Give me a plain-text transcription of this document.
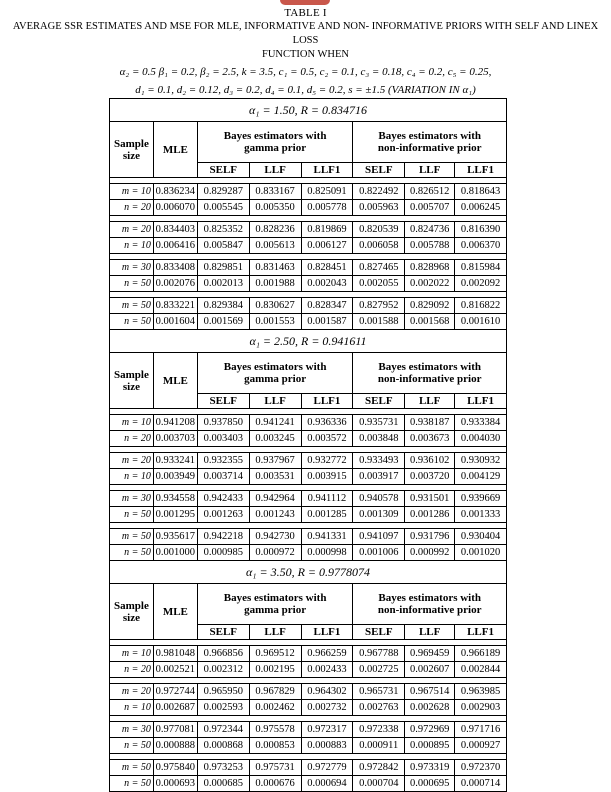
TABLE I
AVERAGE SSR ESTIMATES AND MSE FOR MLE, INFORMATIVE AND NON- INFORMATIVE PRIORS WITH SELF AND LINEX LOSS
FUNCTION WHEN
α₂ = 0.5 β₁ = 0.2, β₂ = 2.5, k = 3.5, c₁ = 0.5, c₂ = 0.1, c₃ = 0.18, c₄ = 0.2, c₅ = 0.25,
d₁ = 0.1, d₂ = 0.12, d₃ = 0.2, d₄ = 0.1, d₅ = 0.2, s = ±1.5 (VARIATION IN α₁)
α₁ = 1.50, R = 0.834716							
Sample size	MLE	Bayes estimators with gamma prior			Bayes estimators with non-informative prior		
		SELF	LLF	LLF1	SELF	LLF	LLF1

m = 10	0.836234	0.829287	0.833167	0.825091	0.822492	0.826512	0.818643
n = 20	0.006070	0.005545	0.005350	0.005778	0.005963	0.005707	0.006245

m = 20	0.834403	0.825352	0.828236	0.819869	0.820539	0.824736	0.816390
n = 10	0.006416	0.005847	0.005613	0.006127	0.006058	0.005788	0.006370

m = 30	0.833408	0.829851	0.831463	0.828451	0.827465	0.828968	0.815984
n = 50	0.002076	0.002013	0.001988	0.002043	0.002055	0.002022	0.002092

m = 50	0.833221	0.829384	0.830627	0.828347	0.827952	0.829092	0.816822
n = 50	0.001604	0.001569	0.001553	0.001587	0.001588	0.001568	0.001610
α₁ = 2.50, R = 0.941611							
Sample size	MLE	Bayes estimators with gamma prior			Bayes estimators with non-informative prior		
		SELF	LLF	LLF1	SELF	LLF	LLF1

m = 10	0.941208	0.937850	0.941241	0.936336	0.935731	0.938187	0.933384
n = 20	0.003703	0.003403	0.003245	0.003572	0.003848	0.003673	0.004030

m = 20	0.933241	0.932355	0.937967	0.932772	0.933493	0.936102	0.930932
n = 10	0.003949	0.003714	0.003531	0.003915	0.003917	0.003720	0.004129

m = 30	0.934558	0.942433	0.942964	0.941112	0.940578	0.931501	0.939669
n = 50	0.001295	0.001263	0.001243	0.001285	0.001309	0.001286	0.001333

m = 50	0.935617	0.942218	0.942730	0.941331	0.941097	0.931796	0.930404
n = 50	0.001000	0.000985	0.000972	0.000998	0.001006	0.000992	0.001020
α₁ = 3.50, R = 0.9778074							
Sample size	MLE	Bayes estimators with gamma prior			Bayes estimators with non-informative prior		
		SELF	LLF	LLF1	SELF	LLF	LLF1

m = 10	0.981048	0.966856	0.969512	0.966259	0.967788	0.969459	0.966189
n = 20	0.002521	0.002312	0.002195	0.002433	0.002725	0.002607	0.002844

m = 20	0.972744	0.965950	0.967829	0.964302	0.965731	0.967514	0.963985
n = 10	0.002687	0.002593	0.002462	0.002732	0.002763	0.002628	0.002903

m = 30	0.977081	0.972344	0.975578	0.972317	0.972338	0.972969	0.971716
n = 50	0.000888	0.000868	0.000853	0.000883	0.000911	0.000895	0.000927

m = 50	0.975840	0.973253	0.975731	0.972779	0.972842	0.973319	0.972370
n = 50	0.000693	0.000685	0.000676	0.000694	0.000704	0.000695	0.000714
